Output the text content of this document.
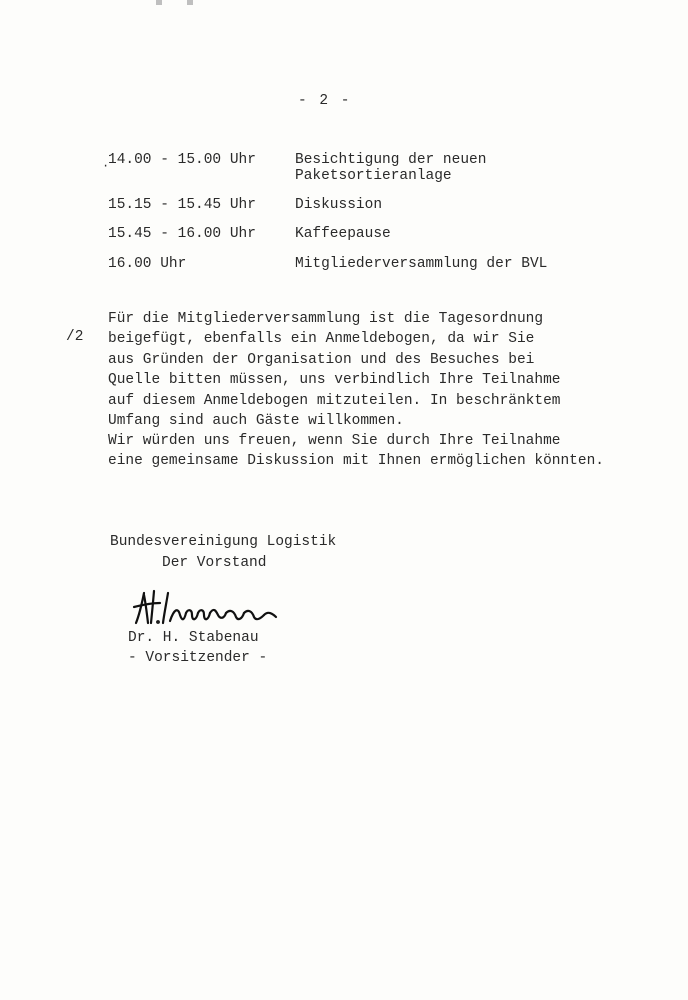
- 2 -
·
14.00 - 15.00 Uhr	Besichtigung der neuen
Paketsortieranlage
15.15 - 15.45 Uhr	Diskussion
15.45 - 16.00 Uhr	Kaffeepause
16.00 Uhr	Mitgliederversammlung der BVL
/2
Für die Mitgliederversammlung ist die Tagesordnung
beigefügt, ebenfalls ein Anmeldebogen, da wir Sie
aus Gründen der Organisation und des Besuches bei
Quelle bitten müssen, uns verbindlich Ihre Teilnahme
auf diesem Anmeldebogen mitzuteilen. In beschränktem
Umfang sind auch Gäste willkommen.
Wir würden uns freuen, wenn Sie durch Ihre Teilnahme
eine gemeinsame Diskussion mit Ihnen ermöglichen könnten.
Bundesvereinigung Logistik
Der Vorstand
Dr. H. Stabenau
- Vorsitzender -
